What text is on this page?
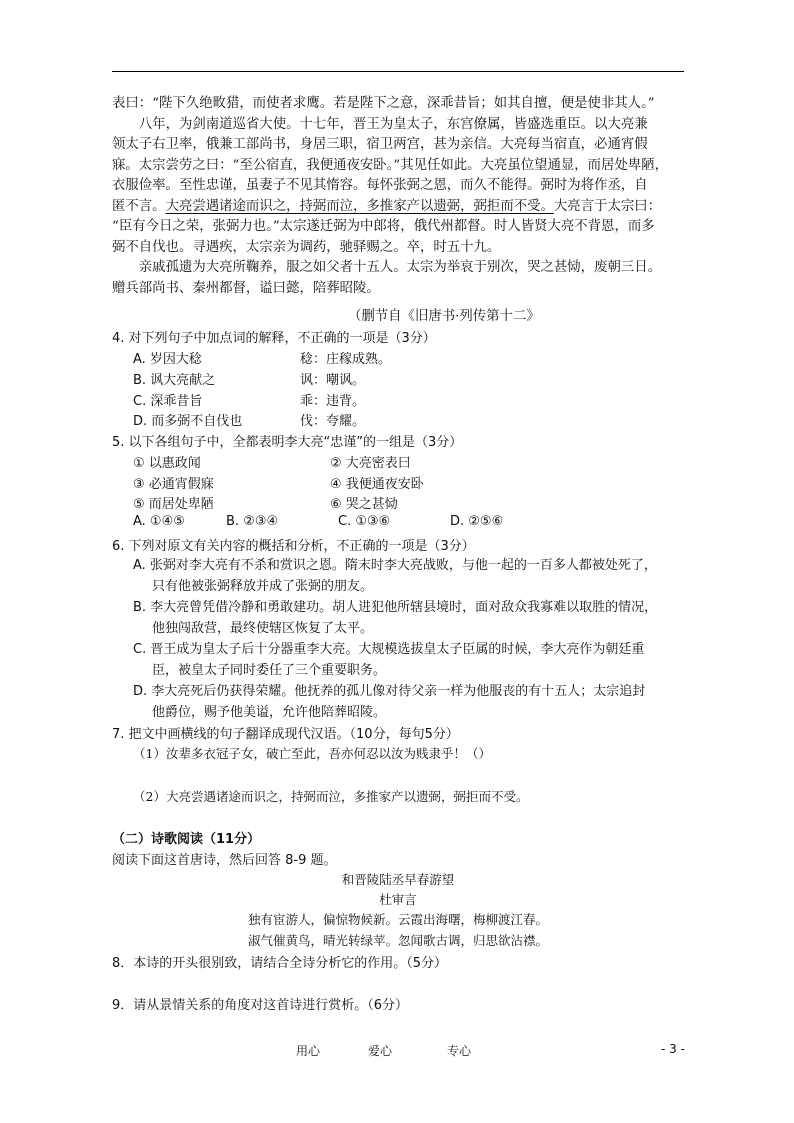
表曰：“陛下久绝畋猎，而使者求鹰。若是陛下之意，深乖昔旨；如其自擅，便是使非其人。”

八年，为剑南道巡省大使。十七年，晋王为皇太子，东宫僚属，皆盛选重臣。以大亮兼

领太子右卫率，俄兼工部尚书，身居三职，宿卫两宫，甚为亲信。大亮每当宿直，必通宵假

寐。太宗尝劳之曰：“至公宿直，我便通夜安卧。”其见任如此。大亮虽位望通显，而居处卑陋，

衣服俭率。至性忠谨，虽妻子不见其惰容。每怀张弼之恩，而久不能得。弼时为将作丞，自

匿不言。大亮尝遇诸途而识之，持弼而泣，多推家产以遗弼，弼拒而不受。大亮言于太宗曰：

“臣有今日之荣，张弼力也。”太宗遂迁弼为中郎将，俄代州都督。时人皆贤大亮不背恩，而多

弼不自伐也。寻遇疾，太宗亲为调药，驰驿赐之。卒，时五十九。

亲戚孤遗为大亮所鞠养，服之如父者十五人。太宗为举哀于别次，哭之甚恸，废朝三日。

赠兵部尚书、秦州都督，谥曰懿，陪葬昭陵。

（删节自《旧唐书·列传第十二》
4. 对下列句子中加点词的解释，不正确的一项是（3分）
A. 岁因大稔	稔：庄稼成熟。
B. 讽大亮献之	讽：嘲讽。
C. 深乖昔旨	乖：违背。
D. 而多弼不自伐也	伐：夸耀。
5. 以下各组句子中，全都表明李大亮“忠谨”的一组是（3分）
① 以惠政闻	② 大亮密表曰
③ 必通宵假寐	④ 我便通夜安卧
⑤ 而居处卑陋	⑥ 哭之甚恸
A. ①④⑤	B. ②③④	C. ①③⑥	D. ②⑤⑥
6. 下列对原文有关内容的概括和分析，不正确的一项是（3分）
A. 张弼对李大亮有不杀和赏识之恩。隋末时李大亮战败，与他一起的一百多人都被处死了，
只有他被张弼释放并成了张弼的朋友。
B. 李大亮曾凭借冷静和勇敢建功。胡人进犯他所辖县境时，面对敌众我寡难以取胜的情况，
他独闯敌营，最终使辖区恢复了太平。
C. 晋王成为皇太子后十分器重李大亮。大规模选拔皇太子臣属的时候，李大亮作为朝廷重
臣，被皇太子同时委任了三个重要职务。
D. 李大亮死后仍获得荣耀。他抚养的孤儿像对待父亲一样为他服丧的有十五人；太宗追封
他爵位，赐予他美谥，允许他陪葬昭陵。
7. 把文中画横线的句子翻译成现代汉语。（10分，每句5分）
（1）汝辈多衣冠子女，破亡至此，吾亦何忍以汝为贱隶乎！（）
（2）大亮尝遇诸途而识之，持弼而泣，多推家产以遗弼，弼拒而不受。
（二）诗歌阅读（11分）
阅读下面这首唐诗，然后回答 8-9 题。
和晋陵陆丞早春游望
杜审言
独有宦游人，偏惊物候新。云霞出海曙，梅柳渡江春。
淑气催黄鸟，晴光转绿苹。忽闻歌古调，归思欲沾襟。
8．本诗的开头很别致，请结合全诗分析它的作用。（5分）
9．请从景情关系的角度对这首诗进行赏析。（6分）
用心	爱心	专心	- 3 -
